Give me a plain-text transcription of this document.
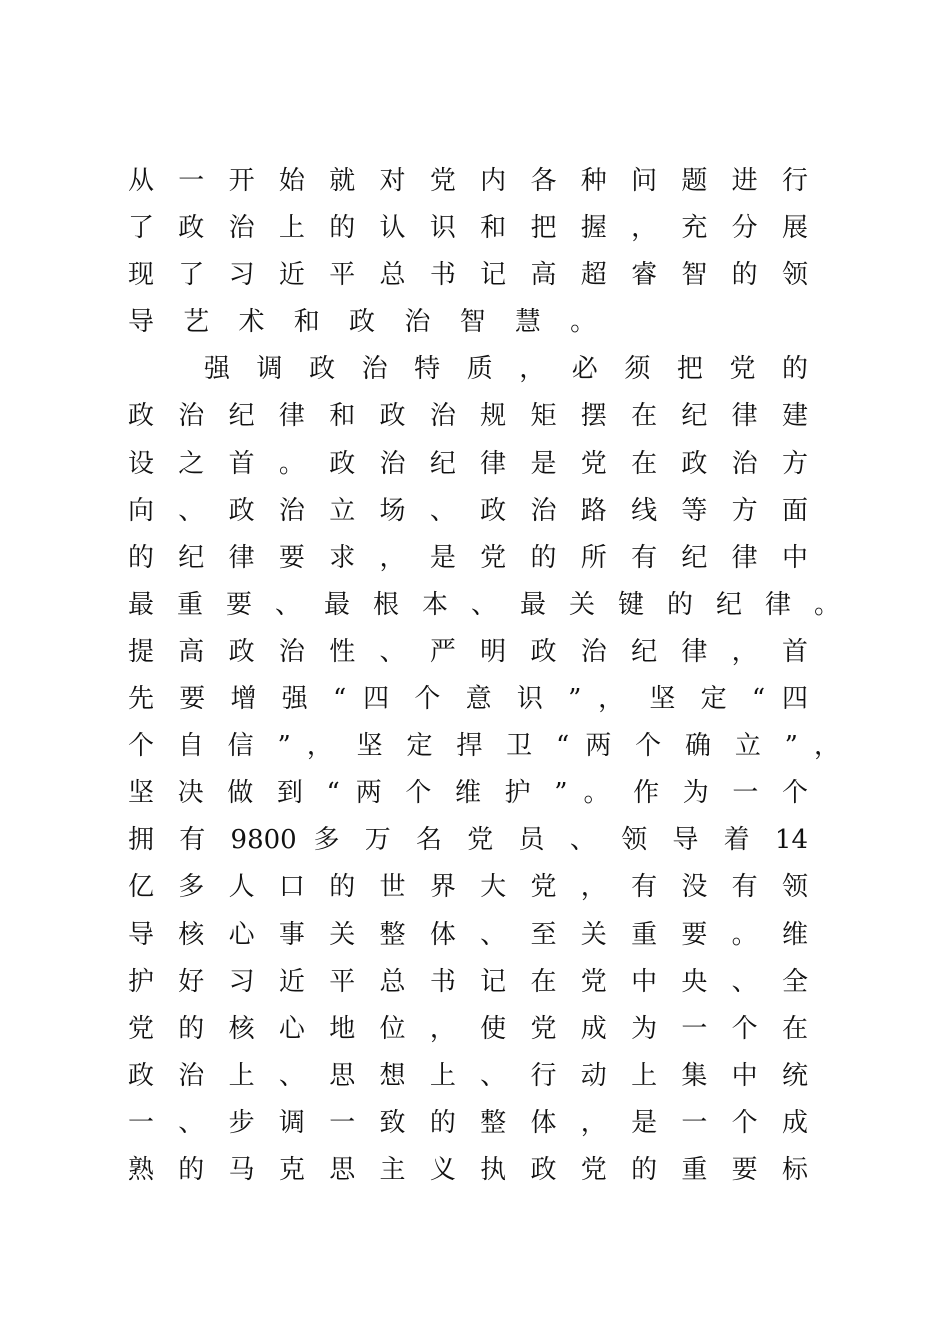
从 一 开 始 就 对 党 内 各 种 问 题 进 行
了 政 治 上 的 认 识 和 把 握 ， 充 分 展
现 了 习 近 平 总 书 记 高 超 睿 智 的 领
导 艺 术 和 政 治 智 慧 。
强 调 政 治 特 质 ， 必 须 把 党 的
政 治 纪 律 和 政 治 规 矩 摆 在 纪 律 建
设 之 首 。 政 治 纪 律 是 党 在 政 治 方
向 、 政 治 立 场 、 政 治 路 线 等 方 面
的 纪 律 要 求 ， 是 党 的 所 有 纪 律 中
最 重 要 、 最 根 本 、 最 关 键 的 纪 律 。
提 高 政 治 性 、 严 明 政 治 纪 律 ， 首
先 要 增 强 “ 四 个 意 识 ” ， 坚 定 “ 四
个 自 信 ” ， 坚 定 捍 卫 “ 两 个 确 立 ” ，
坚 决 做 到 “ 两 个 维 护 ” 。 作 为 一 个
拥 有 9800 多 万 名 党 员 、 领 导 着 14
亿 多 人 口 的 世 界 大 党 ， 有 没 有 领
导 核 心 事 关 整 体 、 至 关 重 要 。 维
护 好 习 近 平 总 书 记 在 党 中 央 、 全
党 的 核 心 地 位 ， 使 党 成 为 一 个 在
政 治 上 、 思 想 上 、 行 动 上 集 中 统
一 、 步 调 一 致 的 整 体 ， 是 一 个 成
熟 的 马 克 思 主 义 执 政 党 的 重 要 标
